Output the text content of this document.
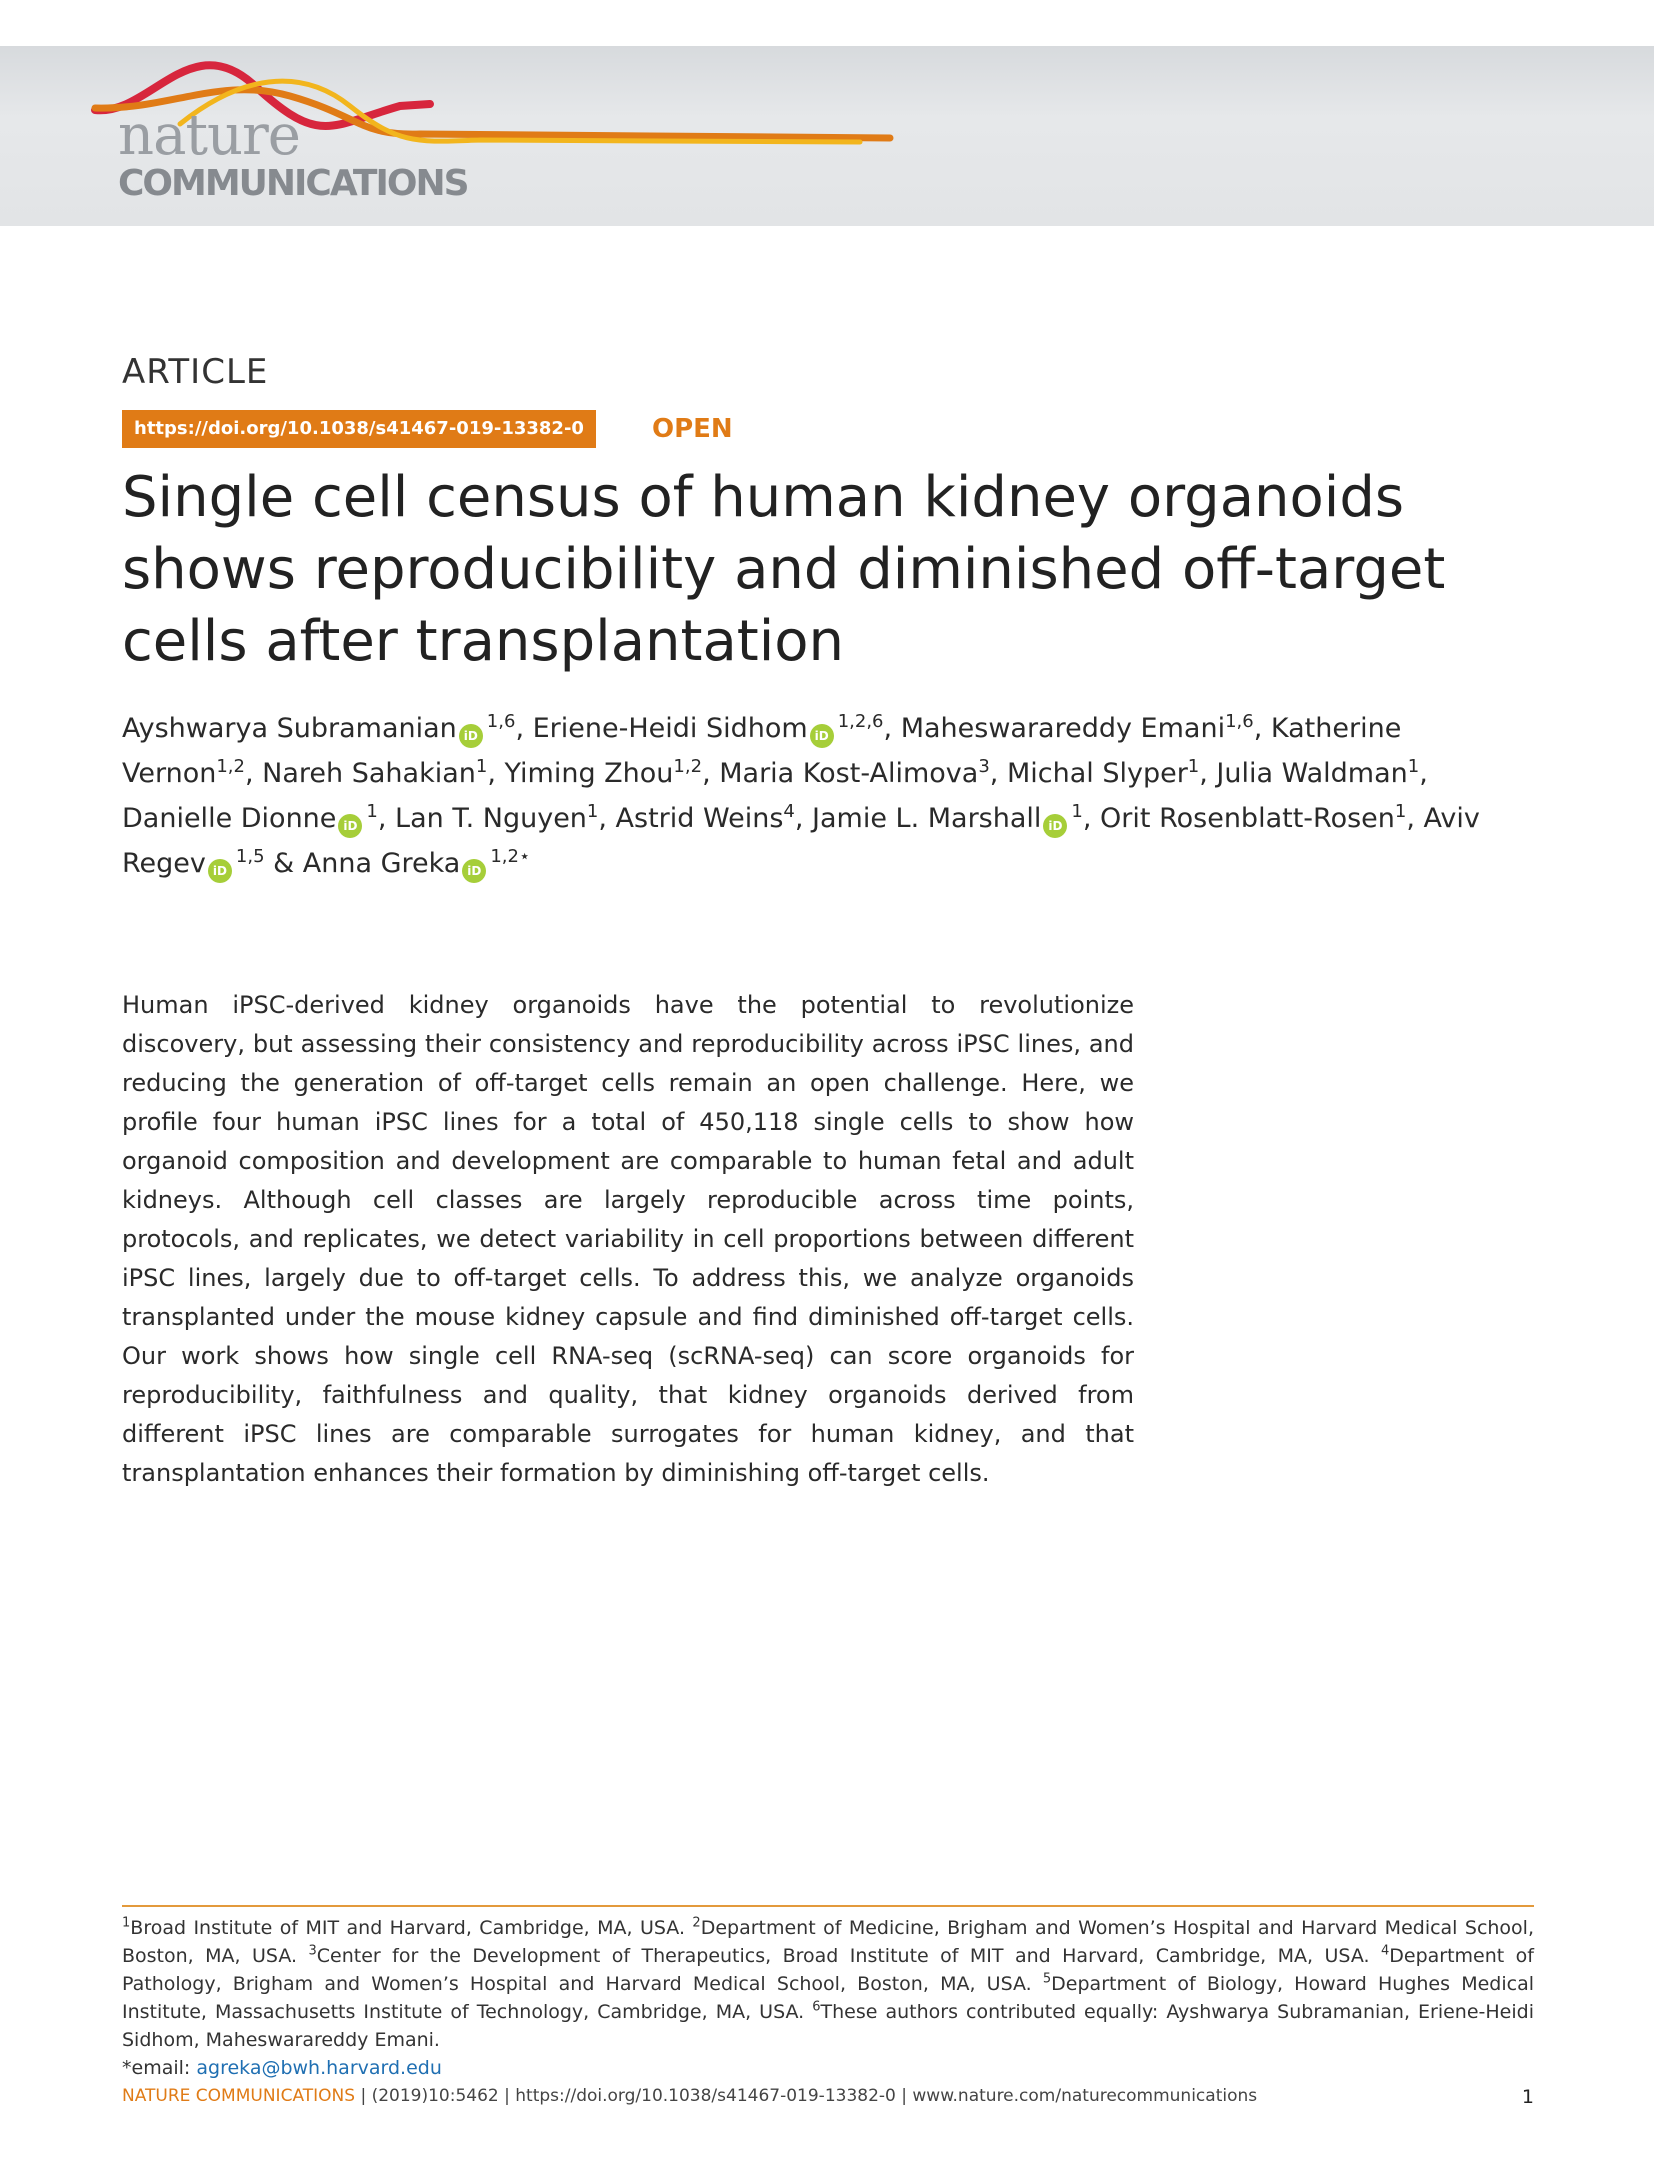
nature
COMMUNICATIONS
ARTICLE
https://doi.org/10.1038/s41467-019-13382-0	OPEN
Single cell census of human kidney organoids shows reproducibility and diminished off-target cells after transplantation
Ayshwarya Subramanian iD$^{1,6}$, Eriene-Heidi Sidhom iD$^{1,2,6}$, Maheswarareddy Emani$^{1,6}$, Katherine Vernon$^{1,2}$, Nareh Sahakian$^1$, Yiming Zhou$^{1,2}$, Maria Kost-Alimova$^3$, Michal Slyper$^1$, Julia Waldman$^1$, Danielle Dionne $iD^1$, Lan T. Nguyen$^1$, Astrid Weins$^4$, Jamie L. Marshall $iD^1$, Orit Rosenblatt-Rosen$^1$, Aviv Regev iD$^{1,5}$ & Anna Greka $iD^{1,2⋆}$

Human iPSC-derived kidney organoids have the potential to revolutionize discovery, but assessing their consistency and reproducibility across iPSC lines, and reducing the generation of off-target cells remain an open challenge. Here, we profile four human iPSC lines for a total of 450,118 single cells to show how organoid composition and development are comparable to human fetal and adult kidneys. Although cell classes are largely reproducible across time points, protocols, and replicates, we detect variability in cell proportions between different iPSC lines, largely due to off-target cells. To address this, we analyze organoids transplanted under the mouse kidney capsule and find diminished off-target cells. Our work shows how single cell RNA-seq (scRNA-seq) can score organoids for reproducibility, faithfulness and quality, that kidney organoids derived from different iPSC lines are comparable surrogates for human kidney, and that transplantation enhances their formation by diminishing off-target cells.

$^1$Broad Institute of MIT and Harvard, Cambridge, MA, USA. $^2$Department of Medicine, Brigham and Women’s Hospital and Harvard Medical School, Boston, MA, USA. $^3$Center for the Development of Therapeutics, Broad Institute of MIT and Harvard, Cambridge, MA, USA. $^4$Department of Pathology, Brigham and Women’s Hospital and Harvard Medical School, Boston, MA, USA. $^5$Department of Biology, Howard Hughes Medical Institute, Massachusetts Institute of Technology, Cambridge, MA, USA. $^6$These authors contributed equally: Ayshwarya Subramanian, Eriene-Heidi Sidhom, Maheswarareddy Emani.
*email: agreka@bwh.harvard.edu
NATURE COMMUNICATIONS | (2019)10:5462 | https://doi.org/10.1038/s41467-019-13382-0 | www.nature.com/naturecommunications	1
